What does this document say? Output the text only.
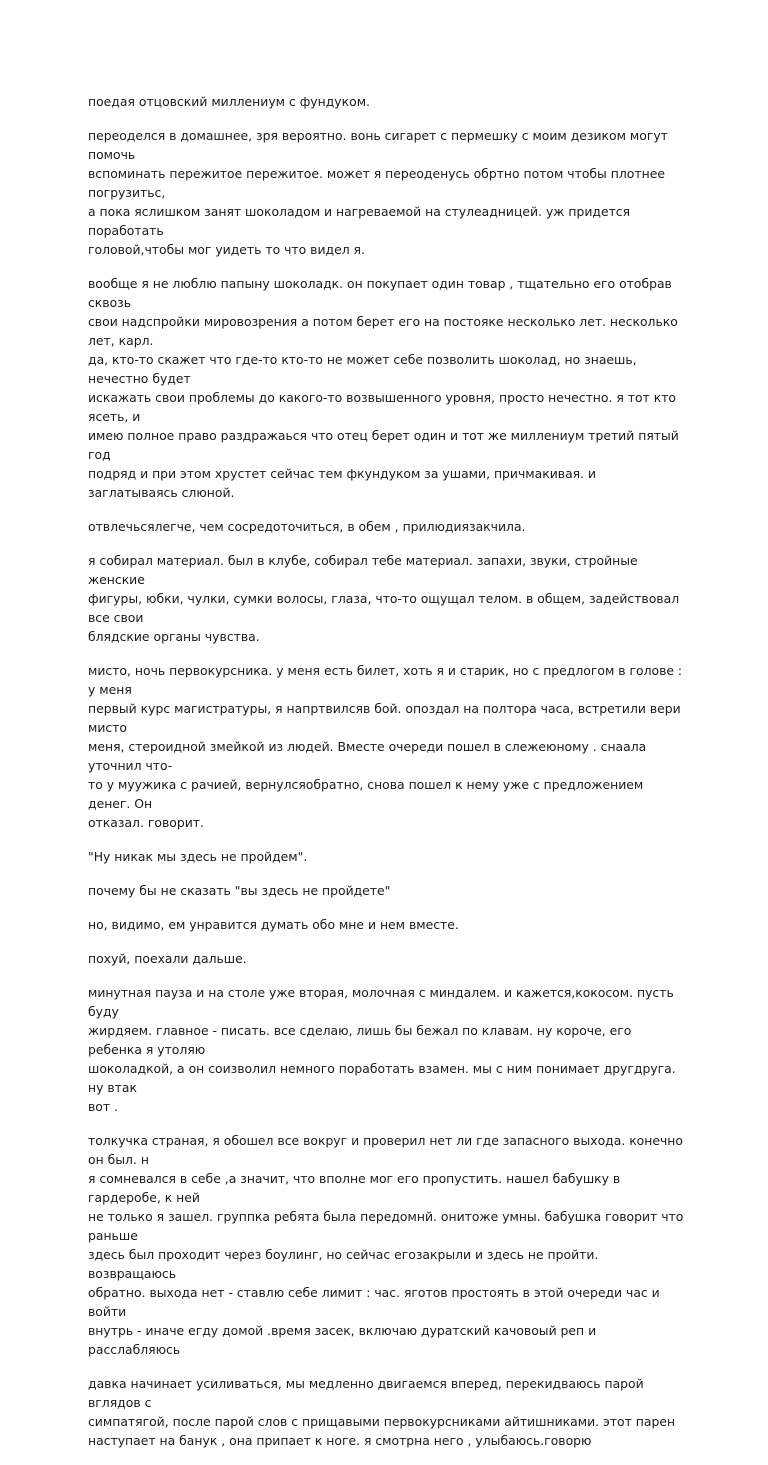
поедая отцовский миллениум с фундуком.

переоделся в домашнее, зря вероятно. вонь сигарет с пермешку с моим дезиком могут помочь
вспоминать пережитое пережитое. может я переоденусь обртно потом чтобы плотнее погрузитьс,
а пока яслишком занят шоколадом и нагреваемой на стулеадницей. уж придется поработать
головой,чтобы мог уидеть то что видел я.

вообще я не люблю папыну шоколадк. он покупает один товар , тщательно его отобрав сквозь
свои надспройки мировозрения а потом берет его на постояке несколько лет. несколько лет, карл.
да, кто-то скажет что где-то кто-то не может себе позволить шоколад, но знаешь, нечестно будет
искажать свои проблемы до какого-то возвышенного уровня, просто нечестно. я тот кто ясеть, и
имею полное право раздражаься что отец берет один и тот же миллениум третий пятый год
подряд и при этом хрустет сейчас тем фкундуком за ушами, причмакивая. и заглатываясь слюной.

отвлечьсялегче, чем сосредоточиться, в обем , прилюдиязакчила.

я собирал материал. был в клубе, собирал тебе материал. запахи, звуки, стройные женские
фигуры, юбки, чулки, сумки волосы, глаза, что-то ощущал телом. в общем, задействовал все свои
блядские органы чувства.

мисто, ночь первокурсника. у меня есть билет, хоть я и старик, но с предлогом в голове : у меня
первый курс магистратуры, я напртвилсяв бой. опоздал на полтора часа, встретили вери мисто
меня, стероидной змейкой из людей. Вместе очереди пошел в слежеюному . снаала уточнил что-
то у муужика с рачией, вернулсяобратно, снова пошел к нему уже с предложением денег. Он
отказал. говорит.

"Ну никак мы здесь не пройдем".

почему бы не сказать "вы здесь не пройдете"

но, видимо, ем унравится думать обо мне и нем вместе.

похуй, поехали дальше.

минутная пауза и на столе уже вторая, молочная с миндалем. и кажется,кокосом. пусть буду
жирдяем. главное - писать. все сделаю, лишь бы бежал по клавам. ну короче, его ребенка я утоляю
шоколадкой, а он соизволил немного поработать взамен. мы с ним понимает другдруга. ну втак
вот .

толкучка страная, я обошел все вокруг и проверил нет ли где запасного выхода. конечно он был. н
я сомневался в себе ,а значит, что вполне мог его пропустить. нашел бабушку в гардеробе, к ней
не только я зашел. группка ребята была передомнй. онитоже умны. бабушка говорит что раньше
здесь был проходит через боулинг, но сейчас егозакрыли и здесь не пройти. возвращаюсь
обратно. выхода нет - ставлю себе лимит : час. яготов простоять в этой очереди час и войти
внутрь - иначе егду домой .время засек, включаю дуратский качовоый реп и расслабляюсь

давка начинает усиливаться, мы медленно двигаемся вперед, перекидваюсь парой вглядов с
симпатягой, после парой слов с прищавыми первокурсниками айтишниками. этот парен
наступает на банук , она припает к ноге. я смотрна него , улыбаюсь.говорю
